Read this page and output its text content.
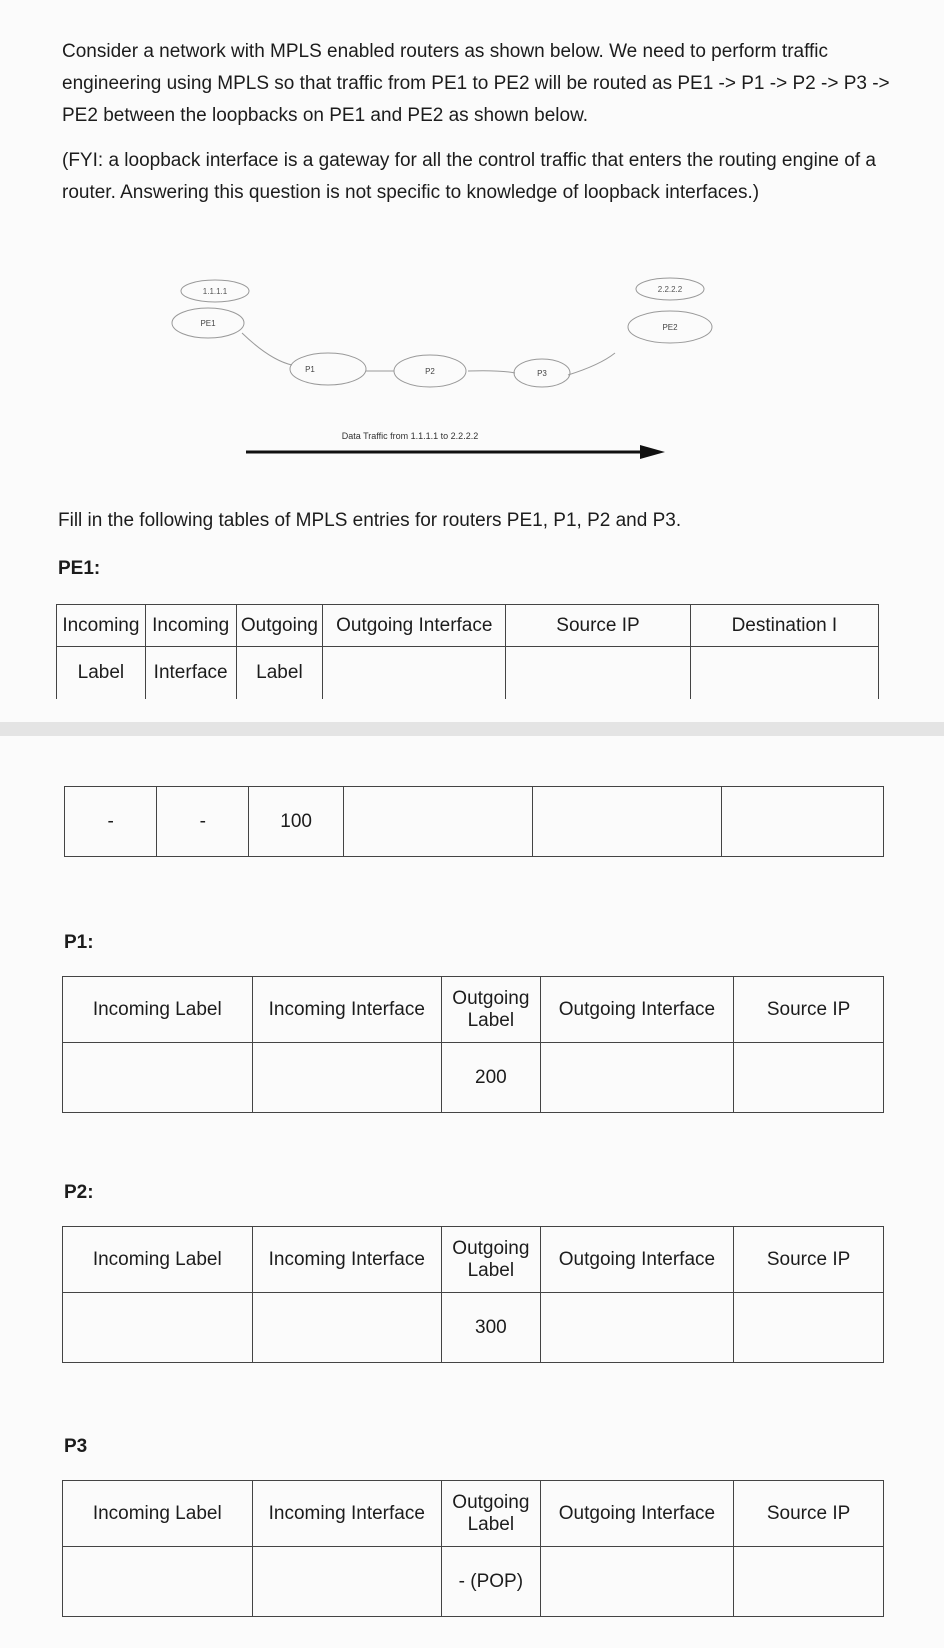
Consider a network with MPLS enabled routers as shown below. We need to perform traffic engineering using MPLS so that traffic from PE1 to PE2 will be routed as PE1 -> P1 -> P2 -> P3 -> PE2 between the loopbacks on PE1 and PE2 as shown below.

(FYI: a loopback interface is a gateway for all the control traffic that enters the routing engine of a router. Answering this question is not specific to knowledge of loopback interfaces.)

1.1.1.1	2.2.2.2
PE1
P1	P2	P3
PE2
Data Traffic from 1.1.1.1 to 2.2.2.2
Fill in the following tables of MPLS entries for routers PE1, P1, P2 and P3.
PE1:
Incoming	Incoming	Outgoing	Outgoing Interface	Source IP	Destination I
Label	Interface	Label			
-	-	100			
P1:
Incoming Label	Incoming Interface	Outgoing Label	Outgoing Interface	Source IP
		200		
P2:
Incoming Label	Incoming Interface	Outgoing Label	Outgoing Interface	Source IP
		300		
P3
Incoming Label	Incoming Interface	Outgoing Label	Outgoing Interface	Source IP
		- (POP)		
